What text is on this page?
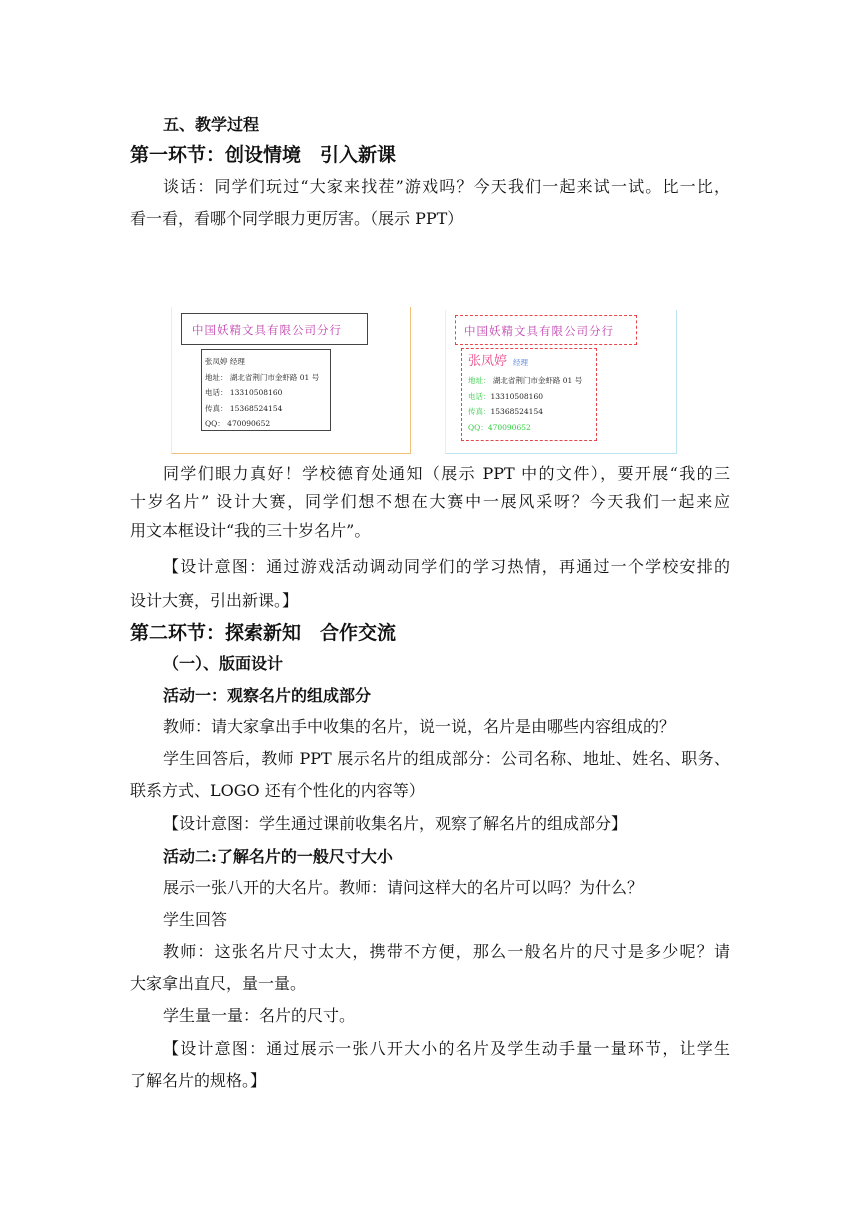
五、教学过程
第一环节：创设情境　引入新课
谈话：同学们玩过“大家来找茬”游戏吗？今天我们一起来试一试。比一比，
看一看，看哪个同学眼力更厉害。（展示 PPT）
中国妖精文具有限公司分行
张凤婷 经理
地址： 湖北省荆门市金虾路 01 号
电话： 13310508160
传真： 15368524154
QQ： 470090652
中国妖精文具有限公司分行
张凤婷 经理
地址： 湖北省荆门市金虾路 01 号
电话：13310508160
传真：15368524154
QQ：470090652
同学们眼力真好！学校德育处通知（展示 PPT 中的文件），要开展“我的三
十岁名片” 设计大赛，同学们想不想在大赛中一展风采呀？今天我们一起来应
用文本框设计“我的三十岁名片”。
【设计意图：通过游戏活动调动同学们的学习热情，再通过一个学校安排的
设计大赛，引出新课。】
第二环节：探索新知　合作交流
（一）、版面设计
活动一：观察名片的组成部分
教师：请大家拿出手中收集的名片，说一说，名片是由哪些内容组成的？
学生回答后，教师 PPT 展示名片的组成部分：公司名称、地址、姓名、职务、
联系方式、LOGO 还有个性化的内容等）
【设计意图：学生通过课前收集名片，观察了解名片的组成部分】
活动二:了解名片的一般尺寸大小
展示一张八开的大名片。教师：请问这样大的名片可以吗？为什么？
学生回答
教师：这张名片尺寸太大，携带不方便，那么一般名片的尺寸是多少呢？请
大家拿出直尺，量一量。
学生量一量：名片的尺寸。
【设计意图：通过展示一张八开大小的名片及学生动手量一量环节，让学生
了解名片的规格。】
